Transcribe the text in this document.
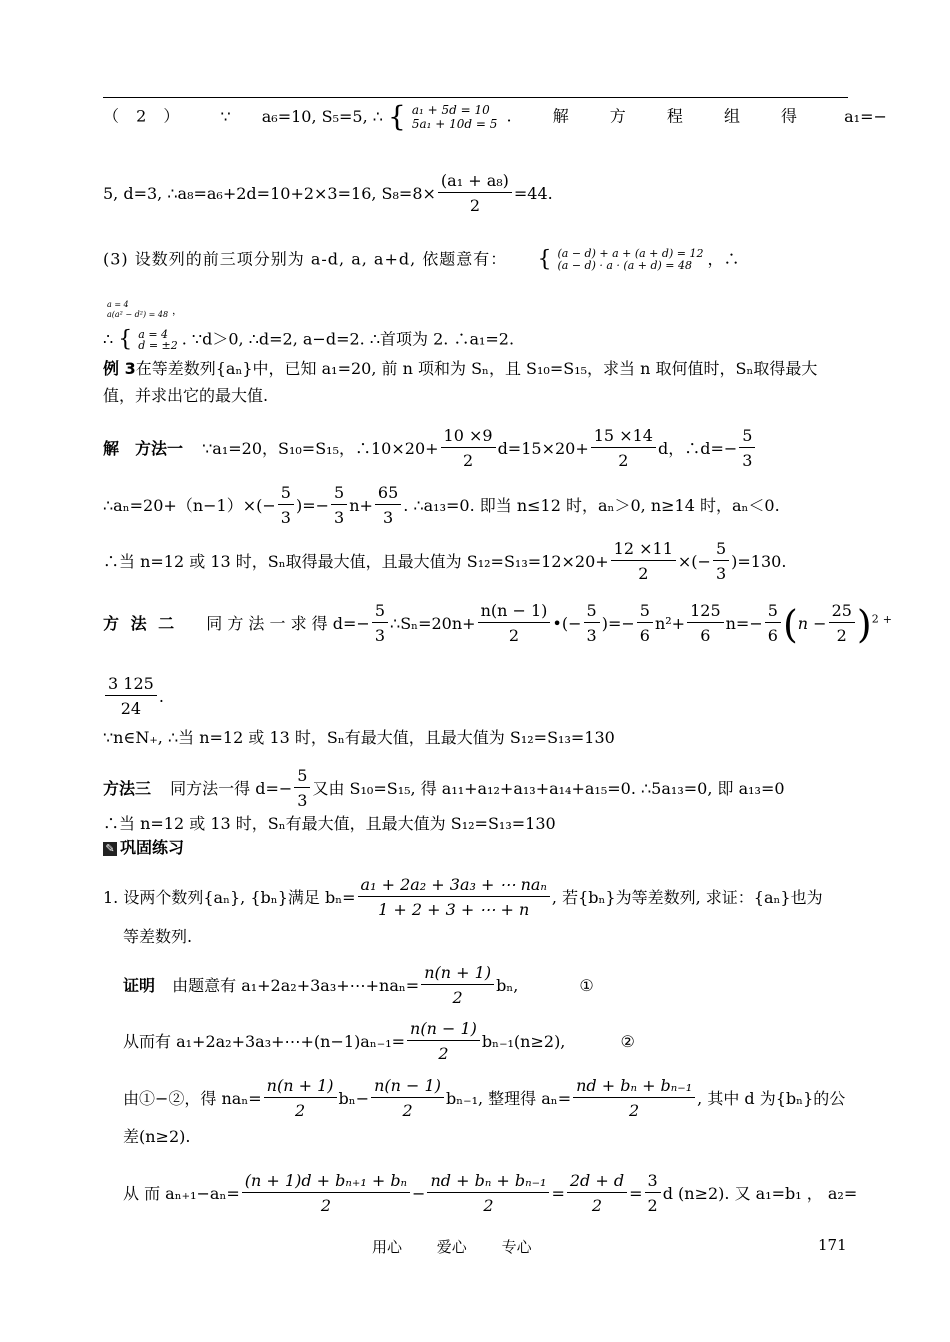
（ 2 ） ∵ a₆=10, S₅=5, ∴ { a₁ + 5d = 10
5a₁ + 10d = 5 . 解 方 程 组 得 a₁=−
5, d=3, ∴a₈=a₆+2d=10+2×3=16, $S_8=8\times \frac{\text{(a₁ + a₈)}}{2} =44$.
(3) 设数列的前三项分别为 a-d, a, a+d, 依题意有： { (a − d) + a + (a + d) = 12
(a − d) · a · (a + d) = 48 ，∴
a = 4
a(a² − d²) = 48 ，
∴ { a = 4
d = ±2 . ∵d＞0, ∴d=2, a−d=2. ∴首项为 2. ∴a₁=2.
例 3在等差数列{aₙ}中，已知 a₁=20, 前 n 项和为 Sₙ，且 S₁₀=S₁₅，求当 n 取何值时，Sₙ取得最大
值，并求出它的最大值.
解　方法一 ∵a₁=20，S₁₀=S₁₅，∴10×20+ $\frac{10 \times 9}{2} d=15\times 20+ \frac{15 \times 14}{2}$ d，∴d=− $\frac{5}{3}$
∴aₙ=20+（n−1）×(− $\frac{5}{3}$ )=− $\frac{5}{3} n+ \frac{65}{3}$ . ∴a₁₃=0. 即当 n≤12 时，aₙ＞0, n≥14 时，aₙ＜0.
∴当 n=12 或 13 时，Sₙ取得最大值，且最大值为 $S_{12}=S_{13}=12\times 20+ \frac{12 \times 11}{2}$ ×(− $\frac{5}{3} )=130$.
方 法 二 同 方 法 一 求 得 $d=- \frac{5}{3}$ ∴Sₙ=20n+ $\frac{n(n - 1)}{2}$ •(− $\frac{5}{3}$ )=− $\frac{5}{6} n^2+ \frac{125}{6} n=- \frac{5}{6} (n - \frac{25}{2} )^2$ +
$\frac{3 125}{24}$ .
∵n∈N₊, ∴当 n=12 或 13 时，Sₙ有最大值，且最大值为 S₁₂=S₁₃=130
方法三 同方法一得 $d=- \frac{5}{3}$ 又由 S₁₀=S₁₅, 得 a₁₁+a₁₂+a₁₃+a₁₄+a₁₅=0. ∴5a₁₃=0, 即 a₁₃=0
∴当 n=12 或 13 时，Sₙ有最大值，且最大值为 S₁₂=S₁₃=130
✎ 巩固练习
1. 设两个数列{aₙ}, {bₙ}满足 $b_n= \frac{\text{a₁ + 2a₂ + 3a₃ + ⋯ naₙ}}{1 + 2 + 3 + \cdots + n}$ , 若{bₙ}为等差数列, 求证：{aₙ}也为
等差数列.
证明 由题意有 a₁+2a₂+3a₃+⋯+naₙ= $\frac{n(n + 1)}{2} b_n$,	①
从而有 a₁+2a₂+3a₃+⋯+(n−1)aₙ₋₁= $\frac{n(n - 1)}{2} b_{n-1}(n\ge 2)$,	②
由①−②，得 $na_n= \frac{n(n + 1)}{2} b_n- \frac{n(n - 1)}{2} b_{n-1}$, 整理得 $a_n= \frac{\text{nd + bₙ + bₙ₋₁}}{2}$ , 其中 d 为{bₙ}的公
差(n≥2).
从 而 $a_{n+1}-a_n= \frac{\text{(n + 1)d + bₙ₊₁ + bₙ}}{2} - \frac{\text{nd + bₙ + bₙ₋₁}}{2} = \frac{2d + d}{2} = \frac{3}{2}$ d (n≥2). 又 a₁=b₁ ， a₂=
用心 爱心 专心	171
